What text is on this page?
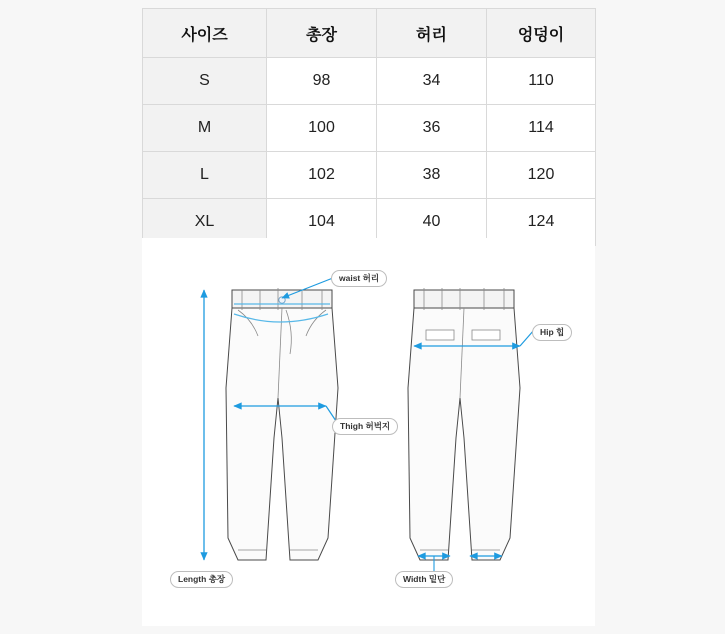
사이즈	총장	허리	엉덩이
S	98	34	110
M	100	36	114
L	102	38	120
XL	104	40	124
waist 허리
Thigh 허벅지
Length 총장
Hip 힙
Width 밑단
